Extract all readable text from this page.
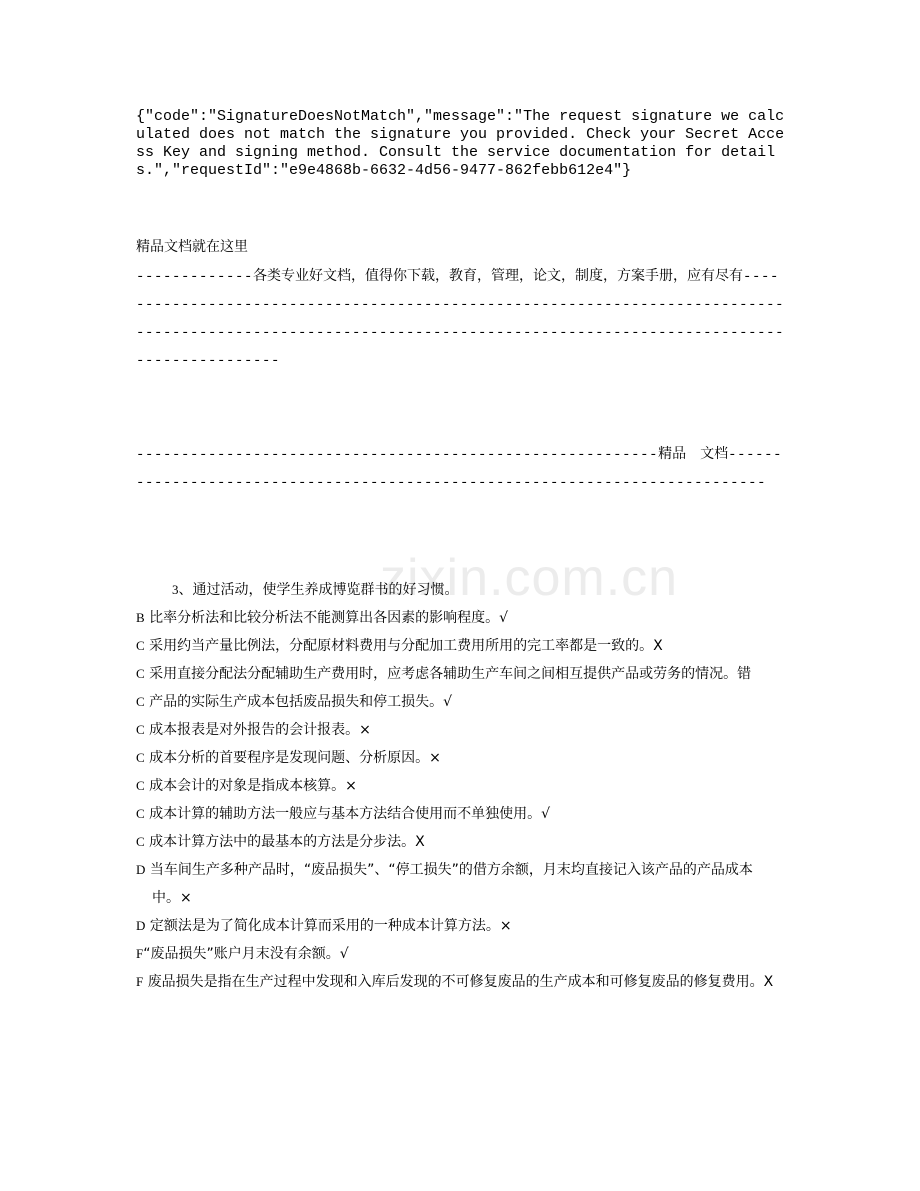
{"code":"SignatureDoesNotMatch","message":"The request signature we calculated does not match the signature you provided. Check your Secret Access Key and signing method. Consult the service documentation for details.","requestId":"e9e4868b-6632-4d56-9477-862febb612e4"}
精品文档就在这里
-------------各类专业好文档，值得你下载，教育，管理，论文，制度，方案手册，应有尽有--------------------------------------------------------------------------------------------------------------------------------------------------------------------
----------------------------------------------------------精品　文档----------------------------------------------------------------------------
zixin.com.cn

3、通过活动，使学生养成博览群书的好习惯。

B 比率分析法和比较分析法不能测算出各因素的影响程度。√

C 采用约当产量比例法，分配原材料费用与分配加工费用所用的完工率都是一致的。X

C 采用直接分配法分配辅助生产费用时，应考虑各辅助生产车间之间相互提供产品或劳务的情况。错

C 产品的实际生产成本包括废品损失和停工损失。√

C 成本报表是对外报告的会计报表。×

C 成本分析的首要程序是发现问题、分析原因。×

C 成本会计的对象是指成本核算。×

C 成本计算的辅助方法一般应与基本方法结合使用而不单独使用。√

C 成本计算方法中的最基本的方法是分步法。X

D 当车间生产多种产品时，“废品损失”、“停工损失”的借方余额，月末均直接记入该产品的产品成本

中。×

D 定额法是为了简化成本计算而采用的一种成本计算方法。×

F“废品损失”账户月末没有余额。√

F 废品损失是指在生产过程中发现和入库后发现的不可修复废品的生产成本和可修复废品的修复费用。X
